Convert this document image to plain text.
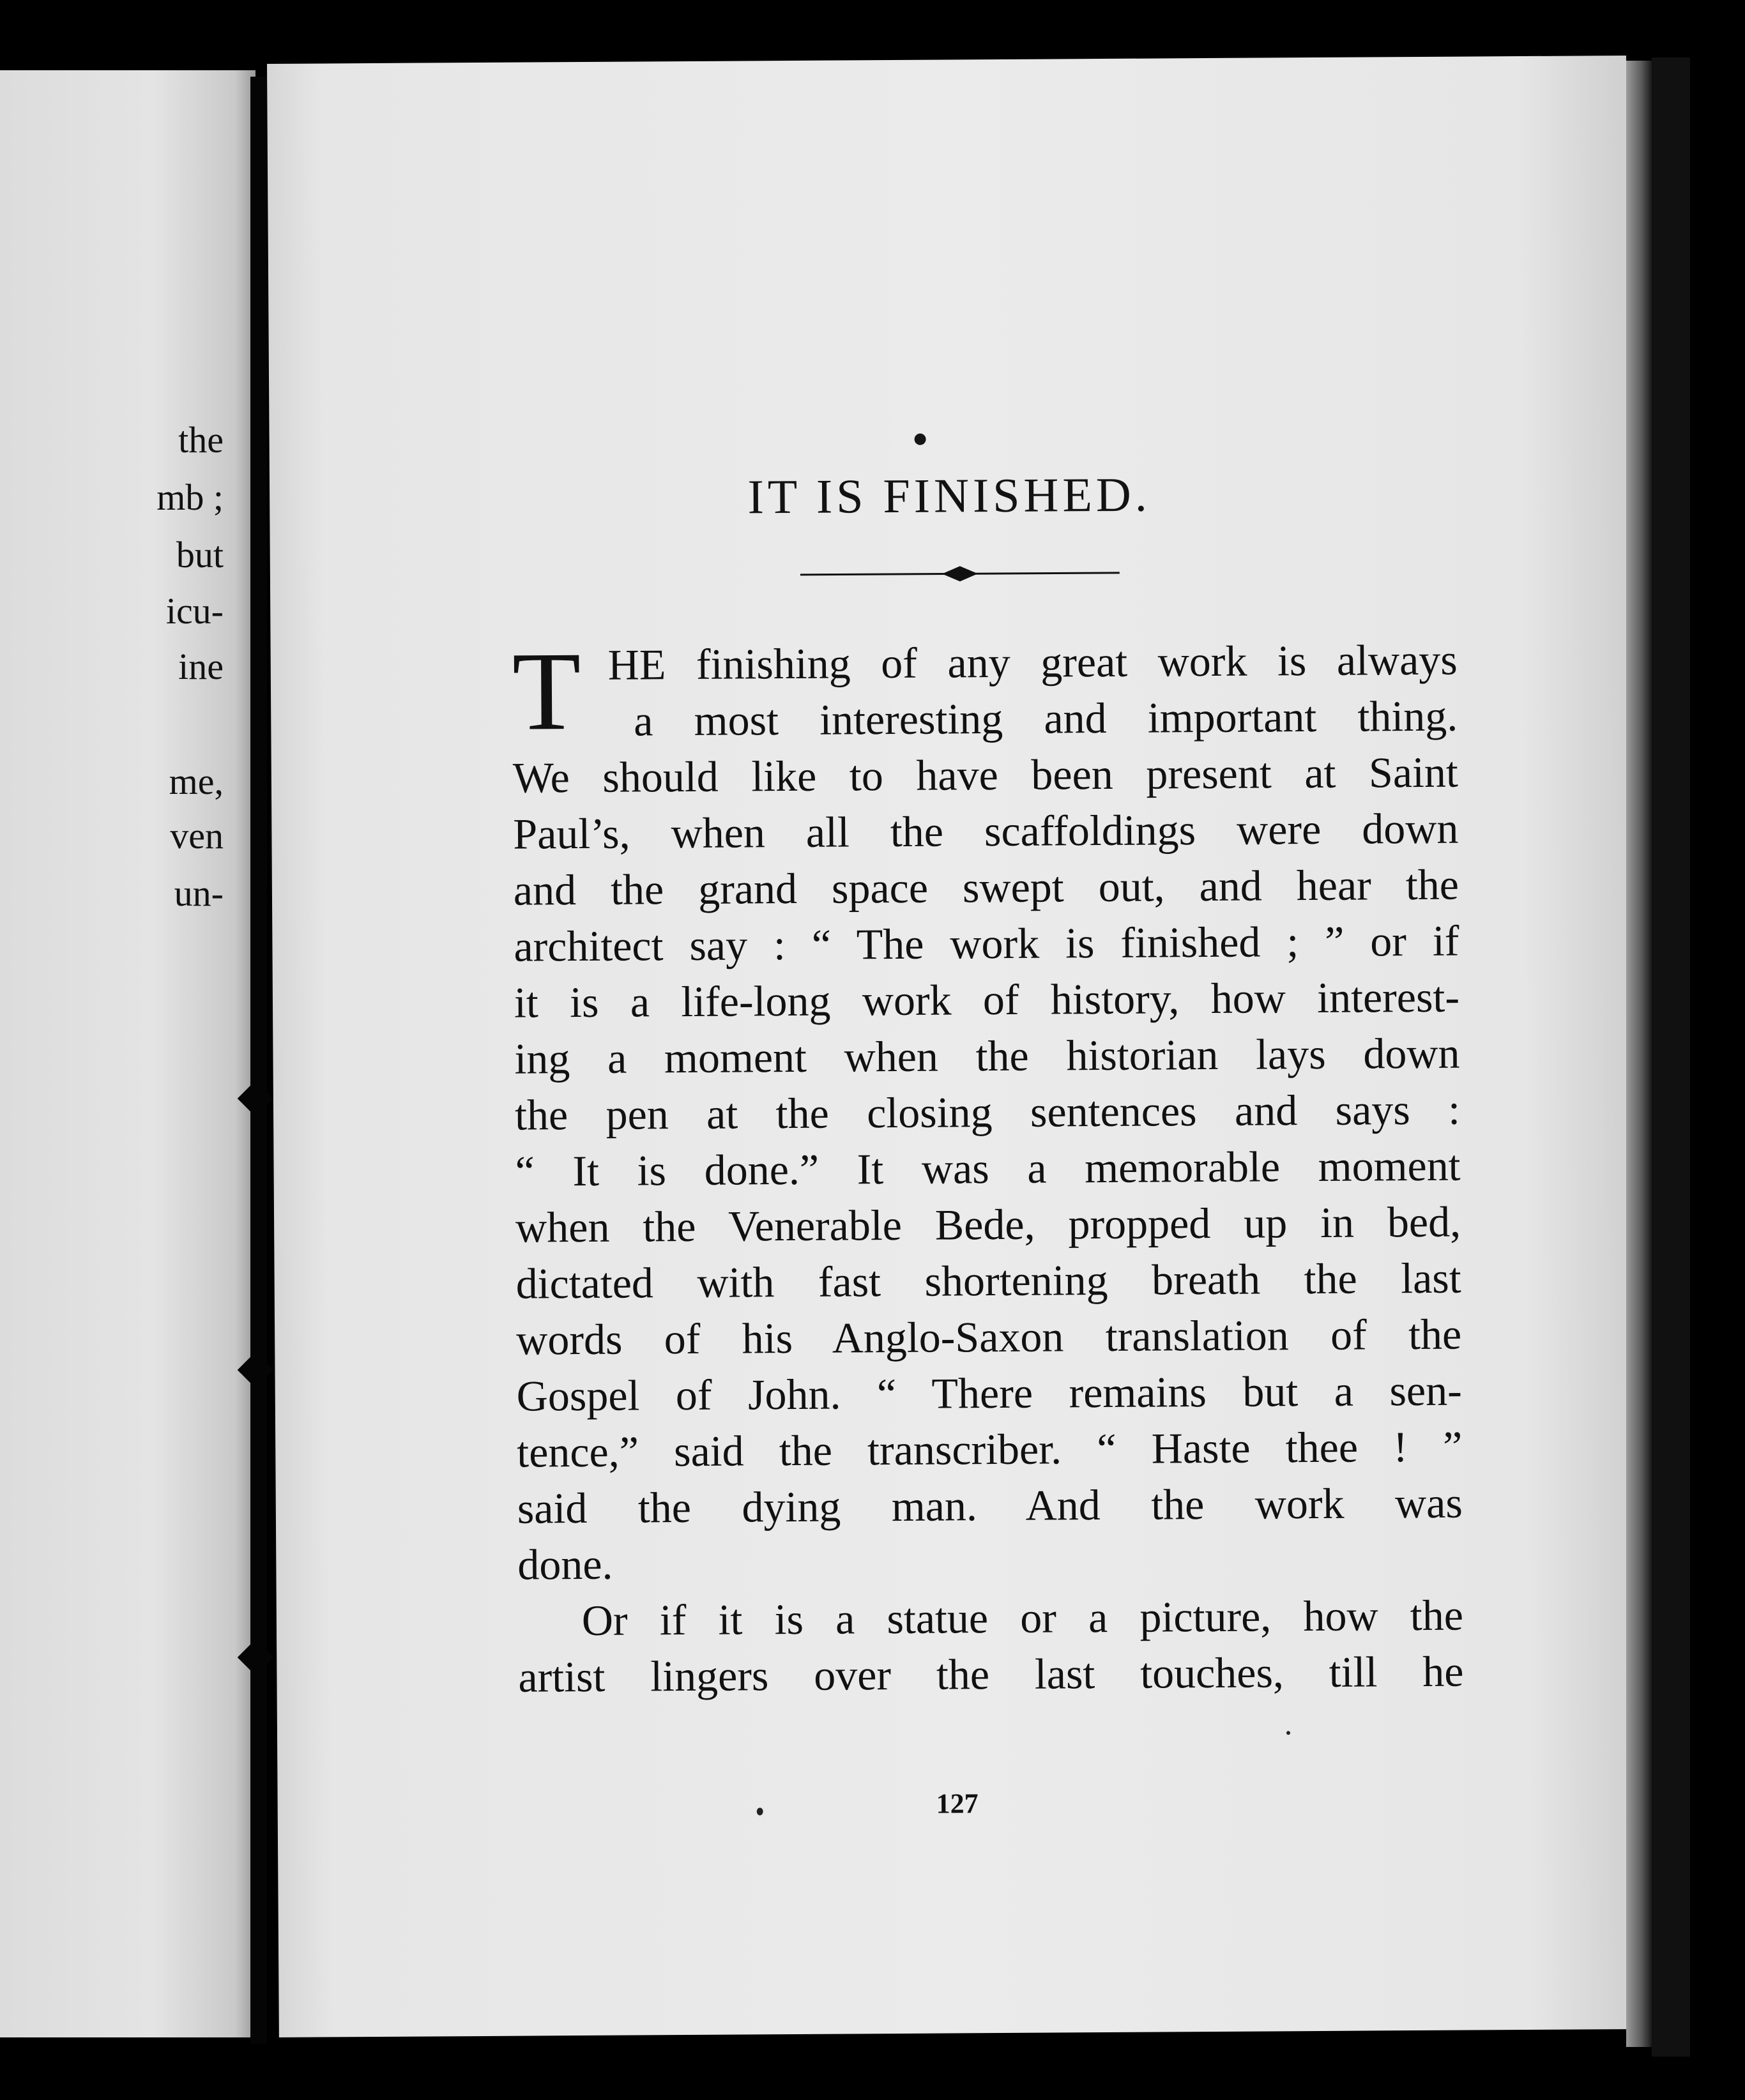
the
mb ;
but
icu-
ine
me,
ven
un-
IT IS FINISHED.
T HE finishing of any great work is always
a most interesting and important thing.
We should like to have been present at Saint
Paul’s, when all the scaffoldings were down
and the grand space swept out, and hear the
architect say : “ The work is finished ; ” or if
it is a life-long work of history, how interest-
ing a moment when the historian lays down
the pen at the closing sentences and says :
“ It is done.” It was a memorable moment
when the Venerable Bede, propped up in bed,
dictated with fast shortening breath the last
words of his Anglo-Saxon translation of the
Gospel of John. “ There remains but a sen-
tence,” said the transcriber. “ Haste thee ! ”
said the dying man. And the work was
done.
Or if it is a statue or a picture, how the
artist lingers over the last touches, till he
127
